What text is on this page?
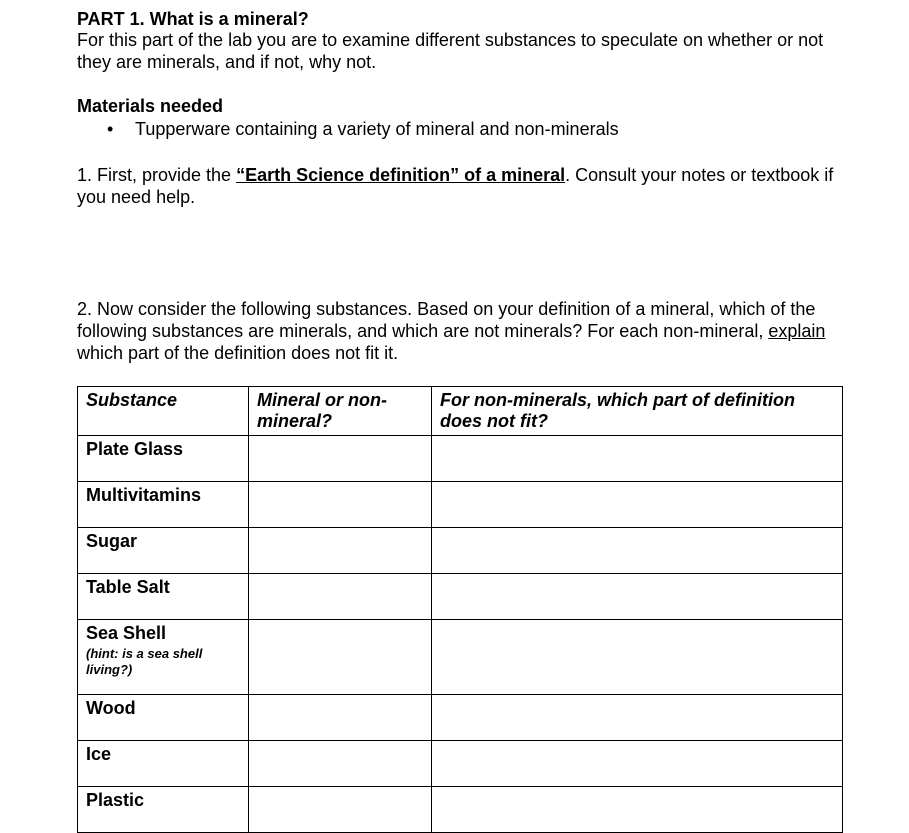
PART 1. What is a mineral?

For this part of the lab you are to examine different substances to speculate on whether or not they are minerals, and if not, why not.

Materials needed

• Tupperware containing a variety of mineral and non-minerals

1. First, provide the “Earth Science definition” of a mineral. Consult your notes or textbook if you need help.

2. Now consider the following substances. Based on your definition of a mineral, which of the following substances are minerals, and which are not minerals? For each non-mineral, explain which part of the definition does not fit it.

Substance	Mineral or non-mineral?	For non-minerals, which part of definition does not fit?
Plate Glass		
Multivitamins		
Sugar		
Table Salt		
Sea Shell
(hint: is a sea shell living?)		

Wood		
Ice		
Plastic		
